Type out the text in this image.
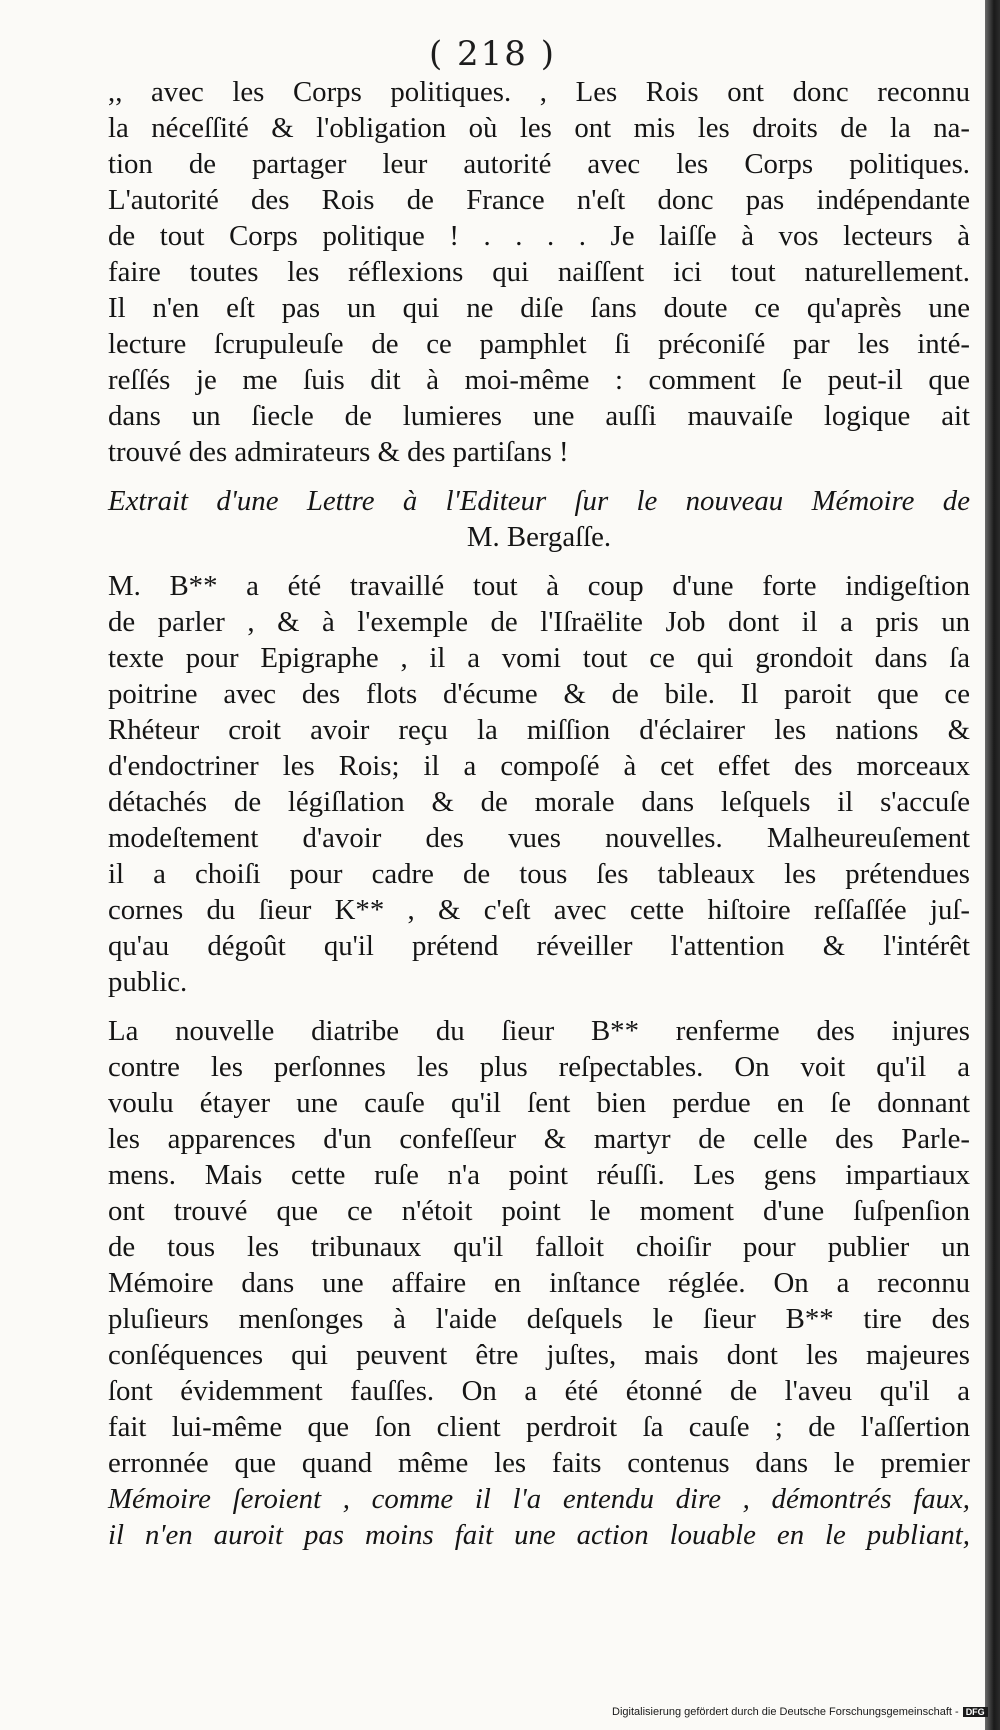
( 218 )
,, avec les Corps politiques. , Les Rois ont donc reconnu
la néceſſité & l'obligation où les ont mis les droits de la na-
tion de partager leur autorité avec les Corps politiques.
L'autorité des Rois de France n'eſt donc pas indépendante
de tout Corps politique ! . . . . Je laiſſe à vos lecteurs à
faire toutes les réflexions qui naiſſent ici tout naturellement.
Il n'en eſt pas un qui ne diſe ſans doute ce qu'après une
lecture ſcrupuleuſe de ce pamphlet ſi préconiſé par les inté-
reſſés je me ſuis dit à moi-même : comment ſe peut-il que
dans un ſiecle de lumieres une auſſi mauvaiſe logique ait
trouvé des admirateurs & des partiſans !
Extrait d'une Lettre à l'Editeur ſur le nouveau Mémoire de
M. Bergaſſe.
M. B** a été travaillé tout à coup d'une forte indigeſtion
de parler , & à l'exemple de l'Iſraëlite Job dont il a pris un
texte pour Epigraphe , il a vomi tout ce qui grondoit dans ſa
poitrine avec des flots d'écume & de bile. Il paroit que ce
Rhéteur croit avoir reçu la miſſion d'éclairer les nations &
d'endoctriner les Rois; il a compoſé à cet effet des morceaux
détachés de légiſlation & de morale dans leſquels il s'accuſe
modeſtement d'avoir des vues nouvelles. Malheureuſement
il a choiſi pour cadre de tous ſes tableaux les prétendues
cornes du ſieur K** , & c'eſt avec cette hiſtoire reſſaſſée juſ-
qu'au dégoût qu'il prétend réveiller l'attention & l'intérêt
public.
La nouvelle diatribe du ſieur B** renferme des injures
contre les perſonnes les plus reſpectables. On voit qu'il a
voulu étayer une cauſe qu'il ſent bien perdue en ſe donnant
les apparences d'un confeſſeur & martyr de celle des Parle-
mens. Mais cette ruſe n'a point réuſſi. Les gens impartiaux
ont trouvé que ce n'étoit point le moment d'une ſuſpenſion
de tous les tribunaux qu'il falloit choiſir pour publier un
Mémoire dans une affaire en inſtance réglée. On a reconnu
pluſieurs menſonges à l'aide deſquels le ſieur B** tire des
conſéquences qui peuvent être juſtes, mais dont les majeures
ſont évidemment fauſſes. On a été étonné de l'aveu qu'il a
fait lui-même que ſon client perdroit ſa cauſe ; de l'aſſertion
erronnée que quand même les faits contenus dans le premier
Mémoire ſeroient , comme il l'a entendu dire , démontrés faux,
il n'en auroit pas moins fait une action louable en le publiant,
Digitalisierung gefördert durch die Deutsche Forschungsgemeinschaft - DFG
